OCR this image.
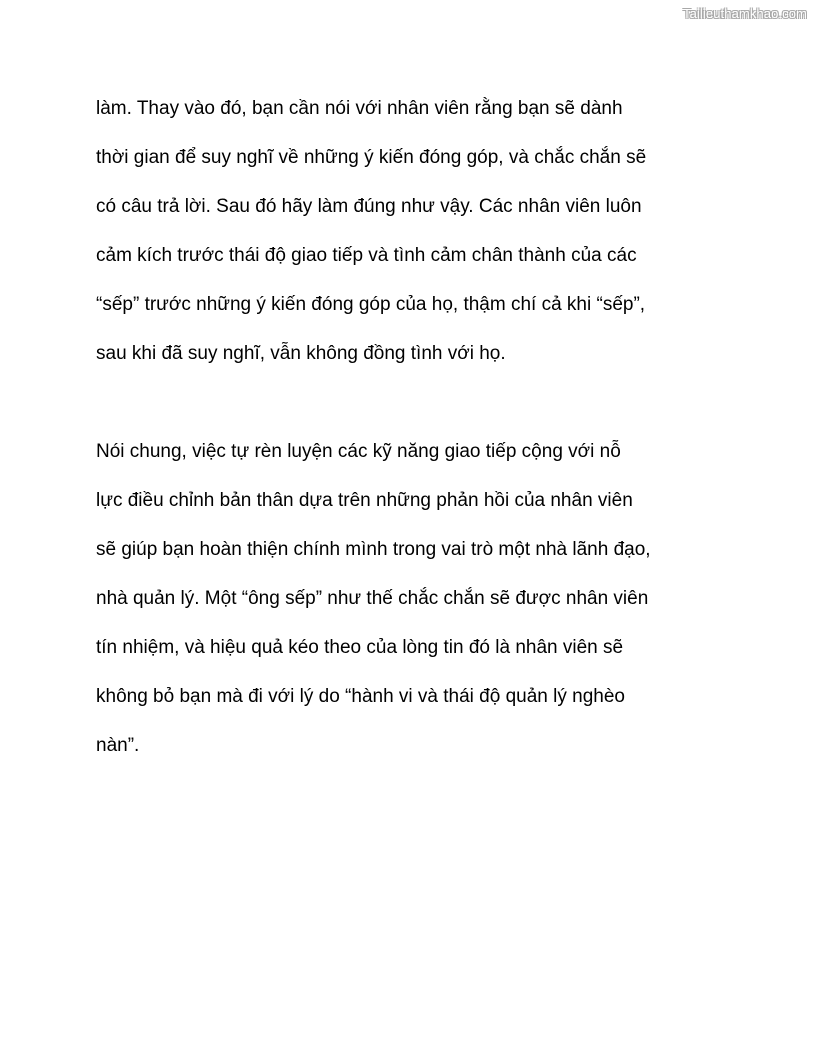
Tailieuthamkhao.com

làm. Thay vào đó, bạn cần nói với nhân viên rằng bạn sẽ dành
thời gian để suy nghĩ về những ý kiến đóng góp, và chắc chắn sẽ
có câu trả lời. Sau đó hãy làm đúng như vậy. Các nhân viên luôn
cảm kích trước thái độ giao tiếp và tình cảm chân thành của các
“sếp” trước những ý kiến đóng góp của họ, thậm chí cả khi “sếp”,
sau khi đã suy nghĩ, vẫn không đồng tình với họ.

Nói chung, việc tự rèn luyện các kỹ năng giao tiếp cộng với nỗ
lực điều chỉnh bản thân dựa trên những phản hồi của nhân viên
sẽ giúp bạn hoàn thiện chính mình trong vai trò một nhà lãnh đạo,
nhà quản lý. Một “ông sếp” như thế chắc chắn sẽ được nhân viên
tín nhiệm, và hiệu quả kéo theo của lòng tin đó là nhân viên sẽ
không bỏ bạn mà đi với lý do “hành vi và thái độ quản lý nghèo
nàn”.
